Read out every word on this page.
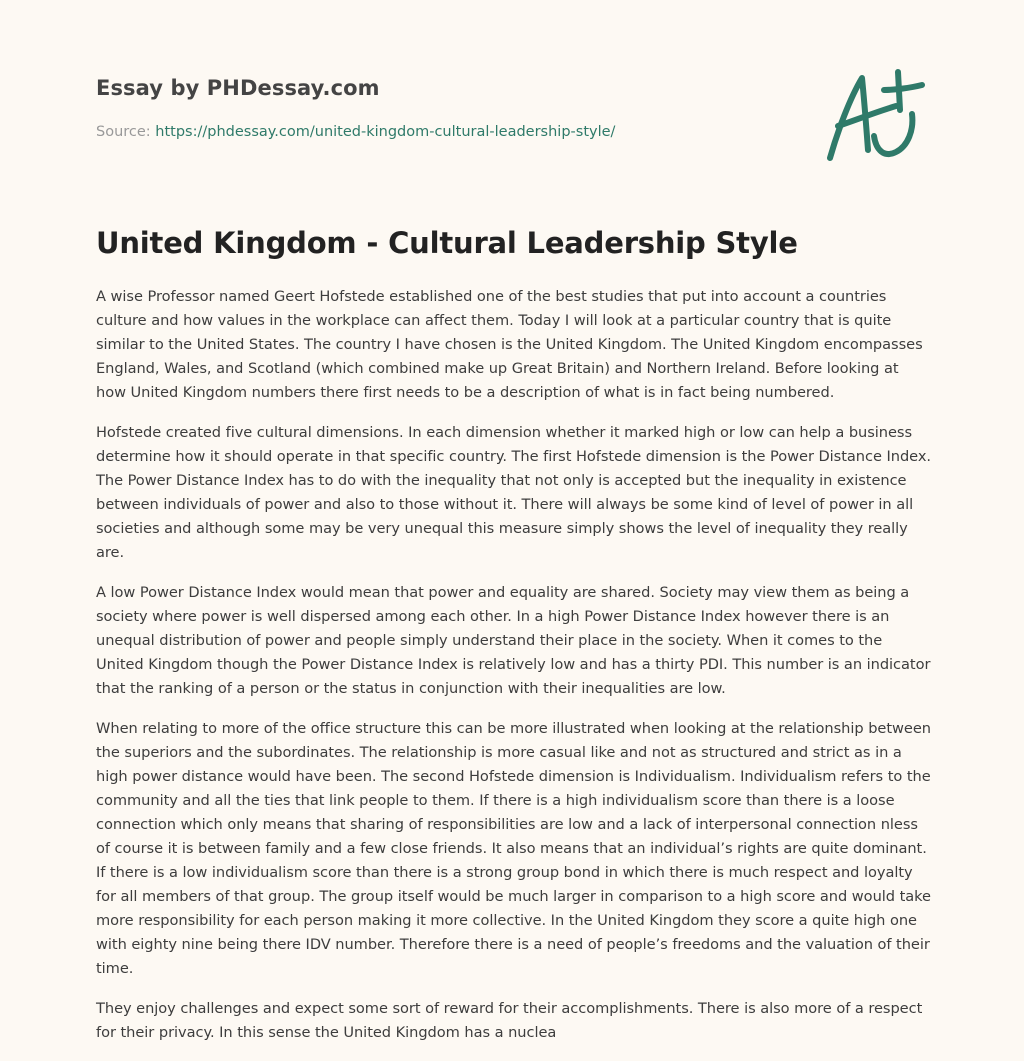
Essay by PHDessay.com
Source: https://phdessay.com/united-kingdom-cultural-leadership-style/
United Kingdom - Cultural Leadership Style

A wise Professor named Geert Hofstede established one of the best studies that put into account a countries culture and how values in the workplace can affect them. Today I will look at a particular country that is quite similar to the United States. The country I have chosen is the United Kingdom. The United Kingdom encompasses England, Wales, and Scotland (which combined make up Great Britain) and Northern Ireland. Before looking at how United Kingdom numbers there first needs to be a description of what is in fact being numbered.

Hofstede created five cultural dimensions. In each dimension whether it marked high or low can help a business determine how it should operate in that specific country. The first Hofstede dimension is the Power Distance Index. The Power Distance Index has to do with the inequality that not only is accepted but the inequality in existence between individuals of power and also to those without it. There will always be some kind of level of power in all societies and although some may be very unequal this measure simply shows the level of inequality they really are.

A low Power Distance Index would mean that power and equality are shared. Society may view them as being a society where power is well dispersed among each other. In a high Power Distance Index however there is an unequal distribution of power and people simply understand their place in the society. When it comes to the United Kingdom though the Power Distance Index is relatively low and has a thirty PDI. This number is an indicator that the ranking of a person or the status in conjunction with their inequalities are low.

When relating to more of the office structure this can be more illustrated when looking at the relationship between the superiors and the subordinates. The relationship is more casual like and not as structured and strict as in a high power distance would have been. The second Hofstede dimension is Individualism. Individualism refers to the community and all the ties that link people to them. If there is a high individualism score than there is a loose connection which only means that sharing of responsibilities are low and a lack of interpersonal connection nless of course it is between family and a few close friends. It also means that an individual’s rights are quite dominant. If there is a low individualism score than there is a strong group bond in which there is much respect and loyalty for all members of that group. The group itself would be much larger in comparison to a high score and would take more responsibility for each person making it more collective. In the United Kingdom they score a quite high one with eighty nine being there IDV number. Therefore there is a need of people’s freedoms and the valuation of their time.

They enjoy challenges and expect some sort of reward for their accomplishments. There is also more of a respect for their privacy. In this sense the United Kingdom has a nuclea
